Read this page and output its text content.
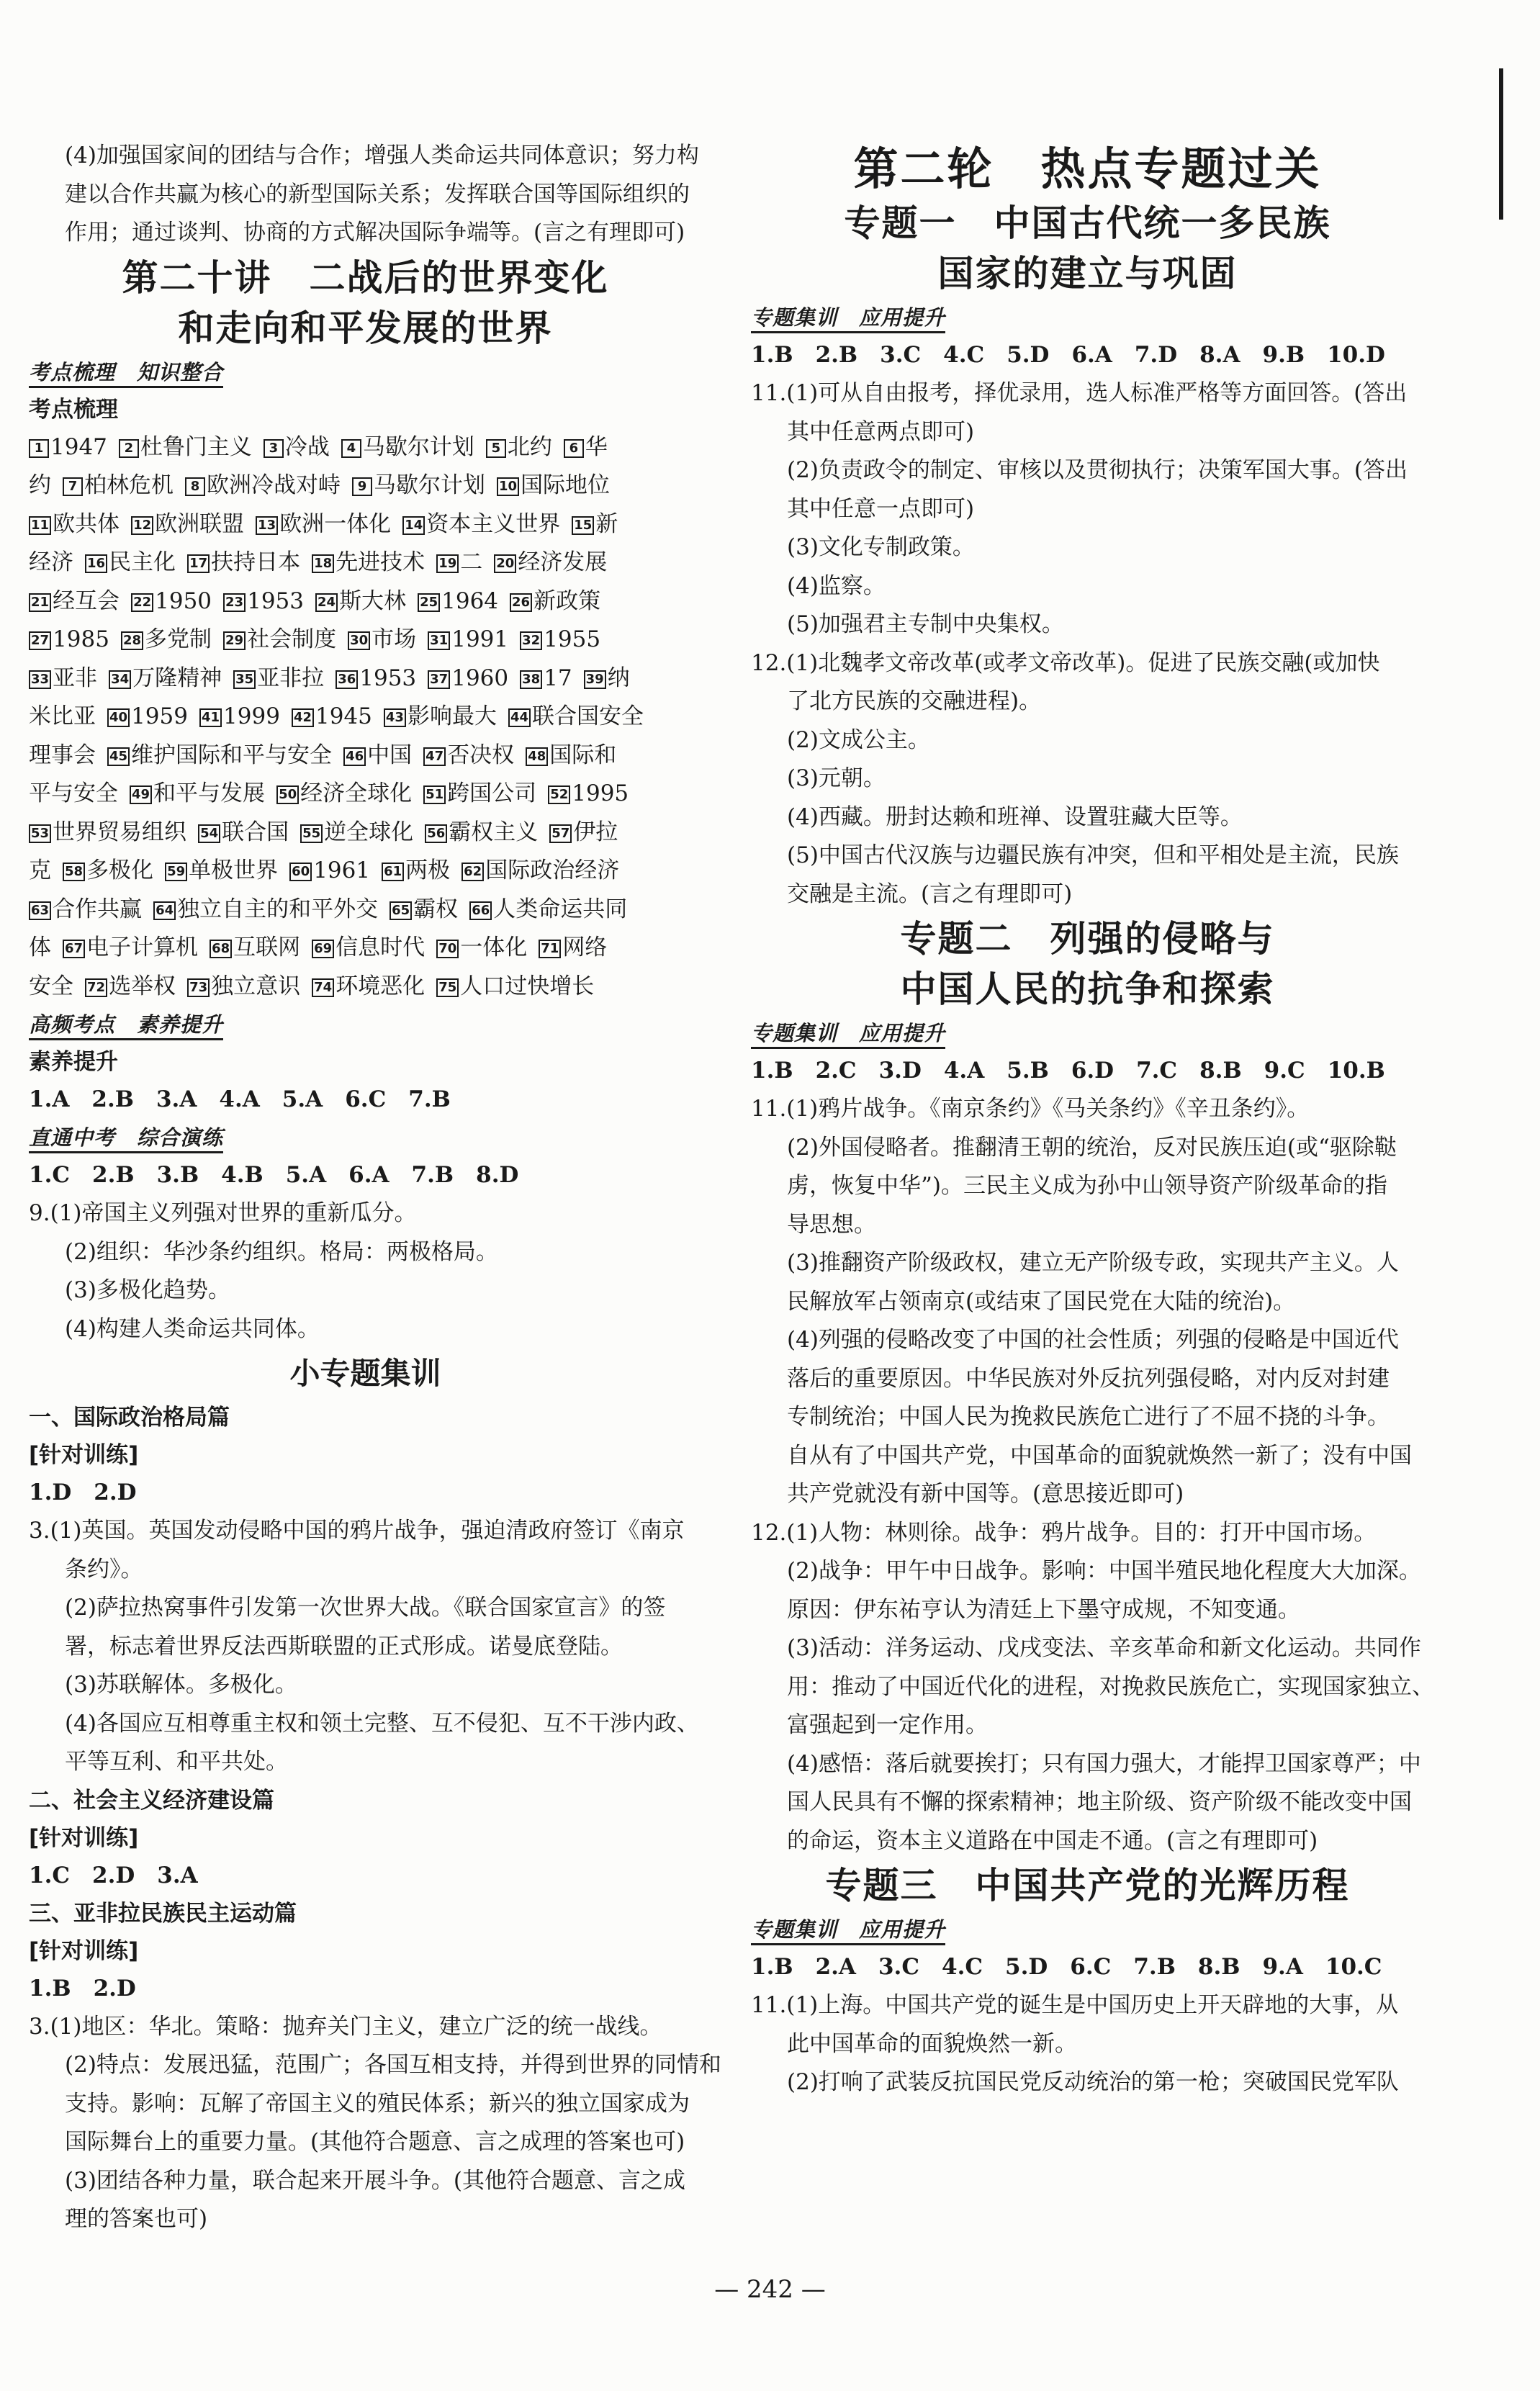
(4)加强国家间的团结与合作；增强人类命运共同体意识；努力构
建以合作共赢为核心的新型国际关系；发挥联合国等国际组织的
作用；通过谈判、协商的方式解决国际争端等。(言之有理即可)
第二十讲　二战后的世界变化
和走向和平发展的世界
考点梳理　知识整合
考点梳理
1 1947 2 杜鲁门主义 3 冷战 4 马歇尔计划 5 北约 6 华
约 7 柏林危机 8 欧洲冷战对峙 9 马歇尔计划 10 国际地位
11 欧共体 12 欧洲联盟 13 欧洲一体化 14 资本主义世界 15 新
经济 16 民主化 17 扶持日本 18 先进技术 19 二 20 经济发展
21 经互会 22 1950 23 1953 24 斯大林 25 1964 26 新政策
27 1985 28 多党制 29 社会制度 30 市场 31 1991 32 1955
33 亚非 34 万隆精神 35 亚非拉 36 1953 37 1960 38 17 39 纳
米比亚 40 1959 41 1999 42 1945 43 影响最大 44 联合国安全
理事会 45 维护国际和平与安全 46 中国 47 否决权 48 国际和
平与安全 49 和平与发展 50 经济全球化 51 跨国公司 52 1995
53 世界贸易组织 54 联合国 55 逆全球化 56 霸权主义 57 伊拉
克 58 多极化 59 单极世界 60 1961 61 两极 62 国际政治经济
63 合作共赢 64 独立自主的和平外交 65 霸权 66 人类命运共同
体 67 电子计算机 68 互联网 69 信息时代 70 一体化 71 网络
安全 72 选举权 73 独立意识 74 环境恶化 75 人口过快增长
高频考点　素养提升
素养提升
1.A　2.B　3.A　4.A　5.A　6.C　7.B
直通中考　综合演练
1.C　2.B　3.B　4.B　5.A　6.A　7.B　8.D
9.(1)帝国主义列强对世界的重新瓜分。
(2)组织：华沙条约组织。格局：两极格局。
(3)多极化趋势。
(4)构建人类命运共同体。
小专题集训
一、国际政治格局篇
[针对训练]
1.D　2.D
3.(1)英国。英国发动侵略中国的鸦片战争，强迫清政府签订《南京
条约》。
(2)萨拉热窝事件引发第一次世界大战。《联合国家宣言》的签
署，标志着世界反法西斯联盟的正式形成。诺曼底登陆。
(3)苏联解体。多极化。
(4)各国应互相尊重主权和领土完整、互不侵犯、互不干涉内政、
平等互利、和平共处。
二、社会主义经济建设篇
[针对训练]
1.C　2.D　3.A
三、亚非拉民族民主运动篇
[针对训练]
1.B　2.D
3.(1)地区：华北。策略：抛弃关门主义，建立广泛的统一战线。
(2)特点：发展迅猛，范围广；各国互相支持，并得到世界的同情和
支持。影响：瓦解了帝国主义的殖民体系；新兴的独立国家成为
国际舞台上的重要力量。(其他符合题意、言之成理的答案也可)
(3)团结各种力量，联合起来开展斗争。(其他符合题意、言之成
理的答案也可)
第二轮　热点专题过关
专题一　中国古代统一多民族
国家的建立与巩固
专题集训　应用提升
1.B　2.B　3.C　4.C　5.D　6.A　7.D　8.A　9.B　10.D
11.(1)可从自由报考，择优录用，选人标准严格等方面回答。(答出
其中任意两点即可)
(2)负责政令的制定、审核以及贯彻执行；决策军国大事。(答出
其中任意一点即可)
(3)文化专制政策。
(4)监察。
(5)加强君主专制中央集权。
12.(1)北魏孝文帝改革(或孝文帝改革)。促进了民族交融(或加快
了北方民族的交融进程)。
(2)文成公主。
(3)元朝。
(4)西藏。册封达赖和班禅、设置驻藏大臣等。
(5)中国古代汉族与边疆民族有冲突，但和平相处是主流，民族
交融是主流。(言之有理即可)
专题二　列强的侵略与
中国人民的抗争和探索
专题集训　应用提升
1.B　2.C　3.D　4.A　5.B　6.D　7.C　8.B　9.C　10.B
11.(1)鸦片战争。《南京条约》《马关条约》《辛丑条约》。
(2)外国侵略者。推翻清王朝的统治，反对民族压迫(或“驱除鞑
虏，恢复中华”)。三民主义成为孙中山领导资产阶级革命的指
导思想。
(3)推翻资产阶级政权，建立无产阶级专政，实现共产主义。人
民解放军占领南京(或结束了国民党在大陆的统治)。
(4)列强的侵略改变了中国的社会性质；列强的侵略是中国近代
落后的重要原因。中华民族对外反抗列强侵略，对内反对封建
专制统治；中国人民为挽救民族危亡进行了不屈不挠的斗争。
自从有了中国共产党，中国革命的面貌就焕然一新了；没有中国
共产党就没有新中国等。(意思接近即可)
12.(1)人物：林则徐。战争：鸦片战争。目的：打开中国市场。
(2)战争：甲午中日战争。影响：中国半殖民地化程度大大加深。
原因：伊东祐亨认为清廷上下墨守成规，不知变通。
(3)活动：洋务运动、戊戌变法、辛亥革命和新文化运动。共同作
用：推动了中国近代化的进程，对挽救民族危亡，实现国家独立、
富强起到一定作用。
(4)感悟：落后就要挨打；只有国力强大，才能捍卫国家尊严；中
国人民具有不懈的探索精神；地主阶级、资产阶级不能改变中国
的命运，资本主义道路在中国走不通。(言之有理即可)
专题三　中国共产党的光辉历程
专题集训　应用提升
1.B　2.A　3.C　4.C　5.D　6.C　7.B　8.B　9.A　10.C
11.(1)上海。中国共产党的诞生是中国历史上开天辟地的大事，从
此中国革命的面貌焕然一新。
(2)打响了武装反抗国民党反动统治的第一枪；突破国民党军队
— 242 —
